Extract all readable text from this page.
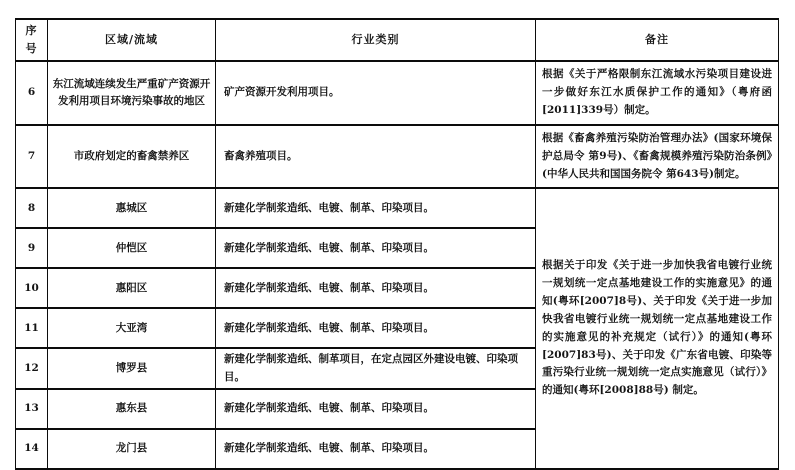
序号	区域/流域	行业类别	备注
6	东江流域连续发生严重矿产资源开发利用项目环境污染事故的地区	矿产资源开发利用项目。	根据《关于严格限制东江流域水污染项目建设进一步做好东江水质保护工作的通知》（粤府函[2011]339号）制定。
7	市政府划定的畜禽禁养区	畜禽养殖项目。	根据《畜禽养殖污染防治管理办法》(国家环境保护总局令 第9号)、《畜禽规模养殖污染防治条例》(中华人民共和国国务院令 第643号)制定。
8	惠城区	新建化学制浆造纸、电镀、制革、印染项目。	根据关于印发《关于进一步加快我省电镀行业统一规划统一定点基地建设工作的实施意见》的通知(粤环[2007]8号)、关于印发《关于进一步加快我省电镀行业统一规划统一定点基地建设工作的实施意见的补充规定（试行）》的通知(粤环[2007]83号)、关于印发《广东省电镀、印染等重污染行业统一规划统一定点实施意见（试行）》的通知(粤环[2008]88号) 制定。
9	仲恺区	新建化学制浆造纸、电镀、制革、印染项目。	
10	惠阳区	新建化学制浆造纸、电镀、制革、印染项目。	
11	大亚湾	新建化学制浆造纸、电镀、制革、印染项目。	
12	博罗县	新建化学制浆造纸、制革项目，在定点园区外建设电镀、印染项目。	
13	惠东县	新建化学制浆造纸、电镀、制革、印染项目。	
14	龙门县	新建化学制浆造纸、电镀、制革、印染项目。	
